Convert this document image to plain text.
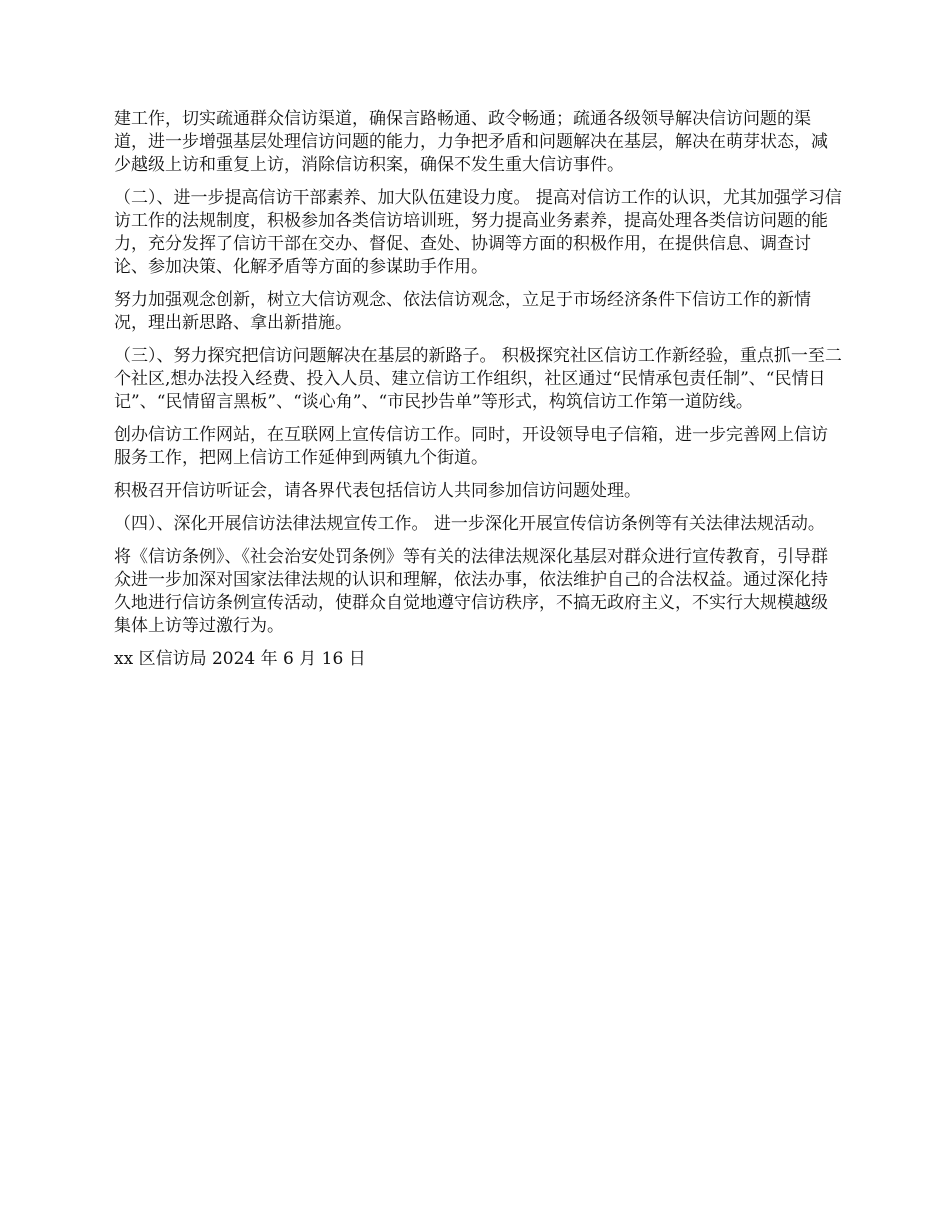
建工作，切实疏通群众信访渠道，确保言路畅通、政令畅通；疏通各级领导解决信访问题的渠道，进一步增强基层处理信访问题的能力，力争把矛盾和问题解决在基层，解决在萌芽状态，减少越级上访和重复上访，消除信访积案，确保不发生重大信访事件。

（二）、进一步提高信访干部素养、加大队伍建设力度。 提高对信访工作的认识，尤其加强学习信访工作的法规制度，积极参加各类信访培训班，努力提高业务素养，提高处理各类信访问题的能力，充分发挥了信访干部在交办、督促、查处、协调等方面的积极作用，在提供信息、调查讨论、参加决策、化解矛盾等方面的参谋助手作用。

努力加强观念创新，树立大信访观念、依法信访观念，立足于市场经济条件下信访工作的新情况，理出新思路、拿出新措施。

（三）、努力探究把信访问题解决在基层的新路子。 积极探究社区信访工作新经验，重点抓一至二个社区,想办法投入经费、投入人员、建立信访工作组织，社区通过“民情承包责任制”、“民情日记”、“民情留言黑板”、“谈心角”、“市民抄告单”等形式，构筑信访工作第一道防线。

创办信访工作网站，在互联网上宣传信访工作。同时，开设领导电子信箱，进一步完善网上信访服务工作，把网上信访工作延伸到两镇九个街道。

积极召开信访听证会，请各界代表包括信访人共同参加信访问题处理。

（四）、深化开展信访法律法规宣传工作。 进一步深化开展宣传信访条例等有关法律法规活动。

将《信访条例》、《社会治安处罚条例》等有关的法律法规深化基层对群众进行宣传教育，引导群众进一步加深对国家法律法规的认识和理解，依法办事，依法维护自己的合法权益。通过深化持久地进行信访条例宣传活动，使群众自觉地遵守信访秩序，不搞无政府主义，不实行大规模越级集体上访等过激行为。

xx 区信访局 2024 年 6 月 16 日
